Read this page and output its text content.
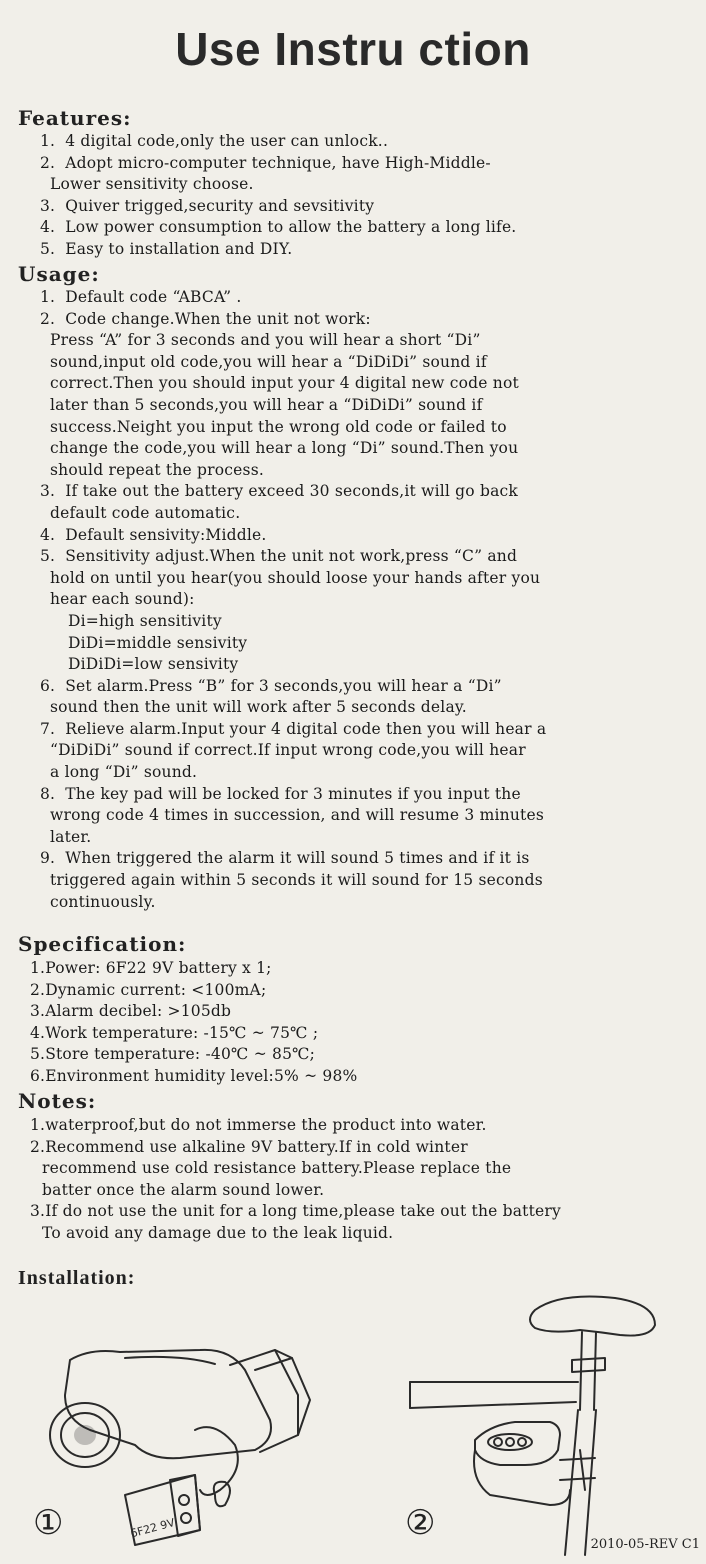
Use Instru ction
Features:
1. 4 digital code,only the user can unlock..
2. Adopt micro-computer technique, have High-Middle-
Lower sensitivity choose.
3. Quiver trigged,security and sevsitivity
4. Low power consumption to allow the battery a long life.
5. Easy to installation and DIY.
Usage:
1. Default code “ABCA” .
2. Code change.When the unit not work:
Press “A” for 3 seconds and you will hear a short “Di”
sound,input old code,you will hear a “DiDiDi” sound if
correct.Then you should input your 4 digital new code not
later than 5 seconds,you will hear a “DiDiDi” sound if
success.Neight you input the wrong old code or failed to
change the code,you will hear a long “Di” sound.Then you
should repeat the process.
3. If take out the battery exceed 30 seconds,it will go back
default code automatic.
4. Default sensivity:Middle.
5. Sensitivity adjust.When the unit not work,press “C” and
hold on until you hear(you should loose your hands after you
hear each sound):
Di=high sensitivity
DiDi=middle sensivity
DiDiDi=low sensivity
6. Set alarm.Press “B” for 3 seconds,you will hear a “Di”
sound then the unit will work after 5 seconds delay.
7. Relieve alarm.Input your 4 digital code then you will hear a
“DiDiDi” sound if correct.If input wrong code,you will hear
a long “Di” sound.
8. The key pad will be locked for 3 minutes if you input the
wrong code 4 times in succession, and will resume 3 minutes
later.
9. When triggered the alarm it will sound 5 times and if it is
triggered again within 5 seconds it will sound for 15 seconds
continuously.
Specification:
1.Power: 6F22 9V battery x 1;
2.Dynamic current: <100mA;
3.Alarm decibel: >105db
4.Work temperature: -15℃ ~ 75℃ ;
5.Store temperature: -40℃ ~ 85℃;
6.Environment humidity level:5% ~ 98%
Notes:
1.waterproof,but do not immerse the product into water.
2.Recommend use alkaline 9V battery.If in cold winter
recommend use cold resistance battery.Please replace the
batter once the alarm sound lower.
3.If do not use the unit for a long time,please take out the battery
To avoid any damage due to the leak liquid.
Installation:
6F22 9V
①	②
2010-05-REV C1
